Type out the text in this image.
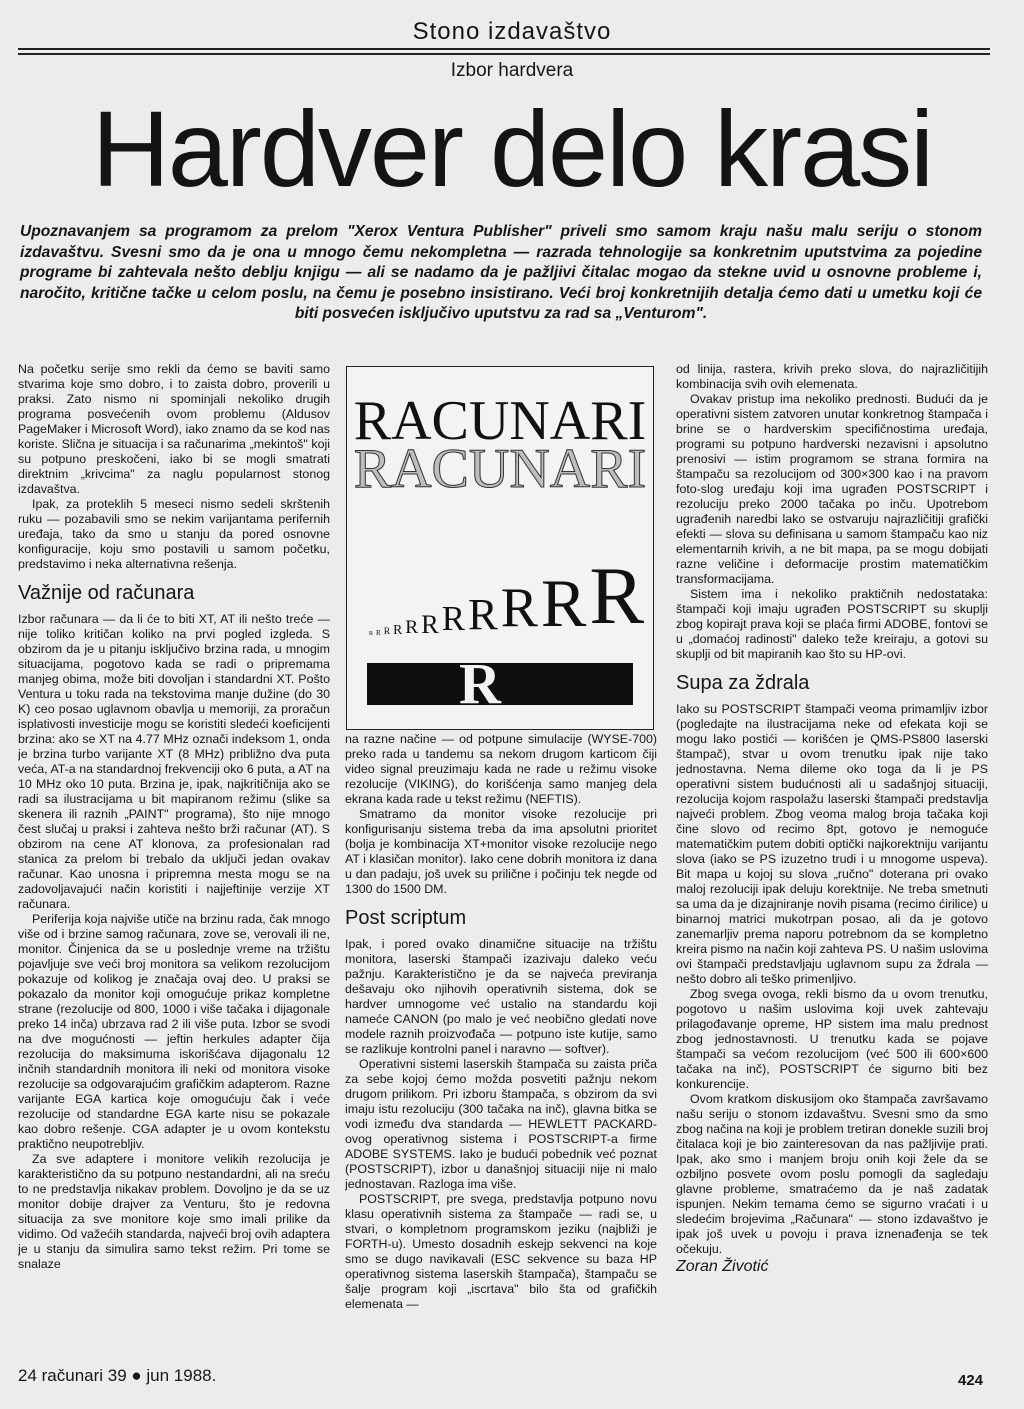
Stono izdavaštvo
Izbor hardvera
Hardver delo krasi
Upoznavanjem sa programom za prelom "Xerox Ventura Publisher" priveli smo samom kraju našu malu seriju o stonom izdavaštvu. Svesni smo da je ona u mnogo čemu nekompletna — razrada tehnologije sa konkretnim uputstvima za pojedine programe bi zahtevala nešto deblju knjigu — ali se nadamo da je pažljivi čitalac mogao da stekne uvid u osnovne probleme i, naročito, kritične tačke u celom poslu, na čemu je posebno insistirano. Veći broj konkretnijih detalja ćemo dati u umetku koji će biti posvećen isključivo uputstvu za rad sa „Venturom".

Na početku serije smo rekli da ćemo se baviti samo stvarima koje smo dobro, i to zaista dobro, proverili u praksi. Zato nismo ni spominjali nekoliko drugih programa posvećenih ovom problemu (Aldusov PageMaker i Microsoft Word), iako znamo da se kod nas koriste. Slična je situacija i sa računarima „mekintoš" koji su potpuno preskočeni, iako bi se mogli smatrati direktnim „krivcima" za naglu popularnost stonog izdavaštva.

Ipak, za proteklih 5 meseci nismo sedeli skrštenih ruku — pozabavili smo se nekim varijantama perifernih uređaja, tako da smo u stanju da pored osnovne konfiguracije, koju smo postavili u samom početku, predstavimo i neka alternativna rešenja.

Važnije od računara

Izbor računara — da li će to biti XT, AT ili nešto treće — nije toliko kritičan koliko na prvi pogled izgleda. S obzirom da je u pitanju isključivo brzina rada, u mnogim situacijama, pogotovo kada se radi o pripremama manjeg obima, može biti dovoljan i standardni XT. Pošto Ventura u toku rada na tekstovima manje dužine (do 30 K) ceo posao uglavnom obavlja u memoriji, za proračun isplativosti investicije mogu se koristiti sledeći koeficijenti brzina: ako se XT na 4.77 MHz označi indeksom 1, onda je brzina turbo varijante XT (8 MHz) približno dva puta veća, AT-a na standardnoj frekvenciji oko 6 puta, a AT na 10 MHz oko 10 puta. Brzina je, ipak, najkritičnija ako se radi sa ilustracijama u bit mapiranom režimu (slike sa skenera ili raznih „PAINT" programa), što nije mnogo čest slučaj u praksi i zahteva nešto brži računar (AT). S obzirom na cene AT klonova, za profesionalan rad stanica za prelom bi trebalo da uključi jedan ovakav računar. Kao unosna i pripremna mesta mogu se na zadovoljavajući način koristiti i najjeftinije verzije XT računara.

Periferija koja najviše utiče na brzinu rada, čak mnogo više od i brzine samog računara, zove se, verovali ili ne, monitor. Činjenica da se u poslednje vreme na tržištu pojavljuje sve veći broj monitora sa velikom rezolucijom pokazuje od kolikog je značaja ovaj deo. U praksi se pokazalo da monitor koji omogućuje prikaz kompletne strane (rezolucije od 800, 1000 i više tačaka i dijagonale preko 14 inča) ubrzava rad 2 ili više puta. Izbor se svodi na dve mogućnosti — jeftin herkules adapter čija rezolucija do maksimuma iskorišćava dijagonalu 12 inčnih standardnih monitora ili neki od monitora visoke rezolucije sa odgovarajućim grafičkim adapterom. Razne varijante EGA kartica koje omogućuju čak i veće rezolucije od standardne EGA karte nisu se pokazale kao dobro rešenje. CGA adapter je u ovom kontekstu praktično neupotrebljiv.

Za sve adaptere i monitore velikih rezolucija je karakteristično da su potpuno nestandardni, ali na sreću to ne predstavlja nikakav problem. Dovoljno je da se uz monitor dobije drajver za Venturu, što je redovna situacija za sve monitore koje smo imali prilike da vidimo. Od važećih standarda, najveći broj ovih adaptera je u stanju da simulira samo tekst režim. Pri tome se snalaze

RACUNARI
RACUNARI
R R R R R R R R R R R
R

na razne načine — od potpune simulacije (WYSE-700) preko rada u tandemu sa nekom drugom karticom čiji video signal preuzimaju kada ne rade u režimu visoke rezolucije (VIKING), do korišćenja samo manjeg dela ekrana kada rade u tekst režimu (NEFTIS).

Smatramo da monitor visoke rezolucije pri konfigurisanju sistema treba da ima apsolutni prioritet (bolja je kombinacija XT+monitor visoke rezolucije nego AT i klasičan monitor). Iako cene dobrih monitora iz dana u dan padaju, još uvek su prilične i počinju tek negde od 1300 do 1500 DM.

Post scriptum

Ipak, i pored ovako dinamične situacije na tržištu monitora, laserski štampači izazivaju daleko veću pažnju. Karakteristično je da se najveća previranja dešavaju oko njihovih operativnih sistema, dok se hardver umnogome već ustalio na standardu koji nameće CANON (po malo je već neobično gledati nove modele raznih proizvođača — potpuno iste kutije, samo se razlikuje kontrolni panel i naravno — softver).

Operativni sistemi laserskih štampača su zaista priča za sebe kojoj ćemo možda posvetiti pažnju nekom drugom prilikom. Pri izboru štampača, s obzirom da svi imaju istu rezoluciju (300 tačaka na inč), glavna bitka se vodi između dva standarda — HEWLETT PACKARD-ovog operativnog sistema i POSTSCRIPT-a firme ADOBE SYSTEMS. Iako je budući pobednik već poznat (POSTSCRIPT), izbor u današnjoj situaciji nije ni malo jednostavan. Razloga ima više.

POSTSCRIPT, pre svega, predstavlja potpuno novu klasu operativnih sistema za štampače — radi se, u stvari, o kompletnom programskom jeziku (najbliži je FORTH-u). Umesto dosadnih eskejp sekvenci na koje smo se dugo navikavali (ESC sekvence su baza HP operativnog sistema laserskih štampača), štampaču se šalje program koji „iscrtava" bilo šta od grafičkih elemenata —

od linija, rastera, krivih preko slova, do najrazličitijih kombinacija svih ovih elemenata.

Ovakav pristup ima nekoliko prednosti. Budući da je operativni sistem zatvoren unutar konkretnog štampača i brine se o hardverskim specifičnostima uređaja, programi su potpuno hardverski nezavisni i apsolutno prenosivi — istim programom se strana formira na štampaču sa rezolucijom od 300×300 kao i na pravom foto-slog uređaju koji ima ugrađen POSTSCRIPT i rezoluciju preko 2000 tačaka po inču. Upotrebom ugrađenih naredbi lako se ostvaruju najrazličitiji grafički efekti — slova su definisana u samom štampaču kao niz elementarnih krivih, a ne bit mapa, pa se mogu dobijati razne veličine i deformacije prostim matematičkim transformacijama.

Sistem ima i nekoliko praktičnih nedostataka: štampači koji imaju ugrađen POSTSCRIPT su skuplji zbog kopirajt prava koji se plaća firmi ADOBE, fontovi se u „domaćoj radinosti" daleko teže kreiraju, a gotovi su skuplji od bit mapiranih kao što su HP-ovi.

Supa za ždrala

Iako su POSTSCRIPT štampači veoma primamljiv izbor (pogledajte na ilustracijama neke od efekata koji se mogu lako postići — korišćen je QMS-PS800 laserski štampač), stvar u ovom trenutku ipak nije tako jednostavna. Nema dileme oko toga da li je PS operativni sistem budućnosti ali u sadašnjoj situaciji, rezolucija kojom raspolažu laserski štampači predstavlja najveći problem. Zbog veoma malog broja tačaka koji čine slovo od recimo 8pt, gotovo je nemoguće matematičkim putem dobiti optički najkorektniju varijantu slova (iako se PS izuzetno trudi i u mnogome uspeva). Bit mapa u kojoj su slova „ručno" doterana pri ovako maloj rezoluciji ipak deluju korektnije. Ne treba smetnuti sa uma da je dizajniranje novih pisama (recimo ćirilice) u binarnoj matrici mukotrpan posao, ali da je gotovo zanemarljiv prema naporu potrebnom da se kompletno kreira pismo na način koji zahteva PS. U našim uslovima ovi štampači predstavljaju uglavnom supu za ždrala — nešto dobro ali teško primenljivo.

Zbog svega ovoga, rekli bismo da u ovom trenutku, pogotovo u našim uslovima koji uvek zahtevaju prilagođavanje opreme, HP sistem ima malu prednost zbog jednostavnosti. U trenutku kada se pojave štampači sa većom rezolucijom (već 500 ili 600×600 tačaka na inč), POSTSCRIPT će sigurno biti bez konkurencije.

Ovom kratkom diskusijom oko štampača završavamo našu seriju o stonom izdavaštvu. Svesni smo da smo zbog načina na koji je problem tretiran donekle suzili broj čitalaca koji je bio zainteresovan da nas pažljivije prati. Ipak, ako smo i manjem broju onih koji žele da se ozbiljno posvete ovom poslu pomogli da sagledaju glavne probleme, smatraćemo da je naš zadatak ispunjen. Nekim temama ćemo se sigurno vraćati i u sledećim brojevima „Računara" — stono izdavaštvo je ipak još uvek u povoju i prava iznenađenja se tek očekuju.

Zoran Životić
24 računari 39 ● jun 1988.	424
